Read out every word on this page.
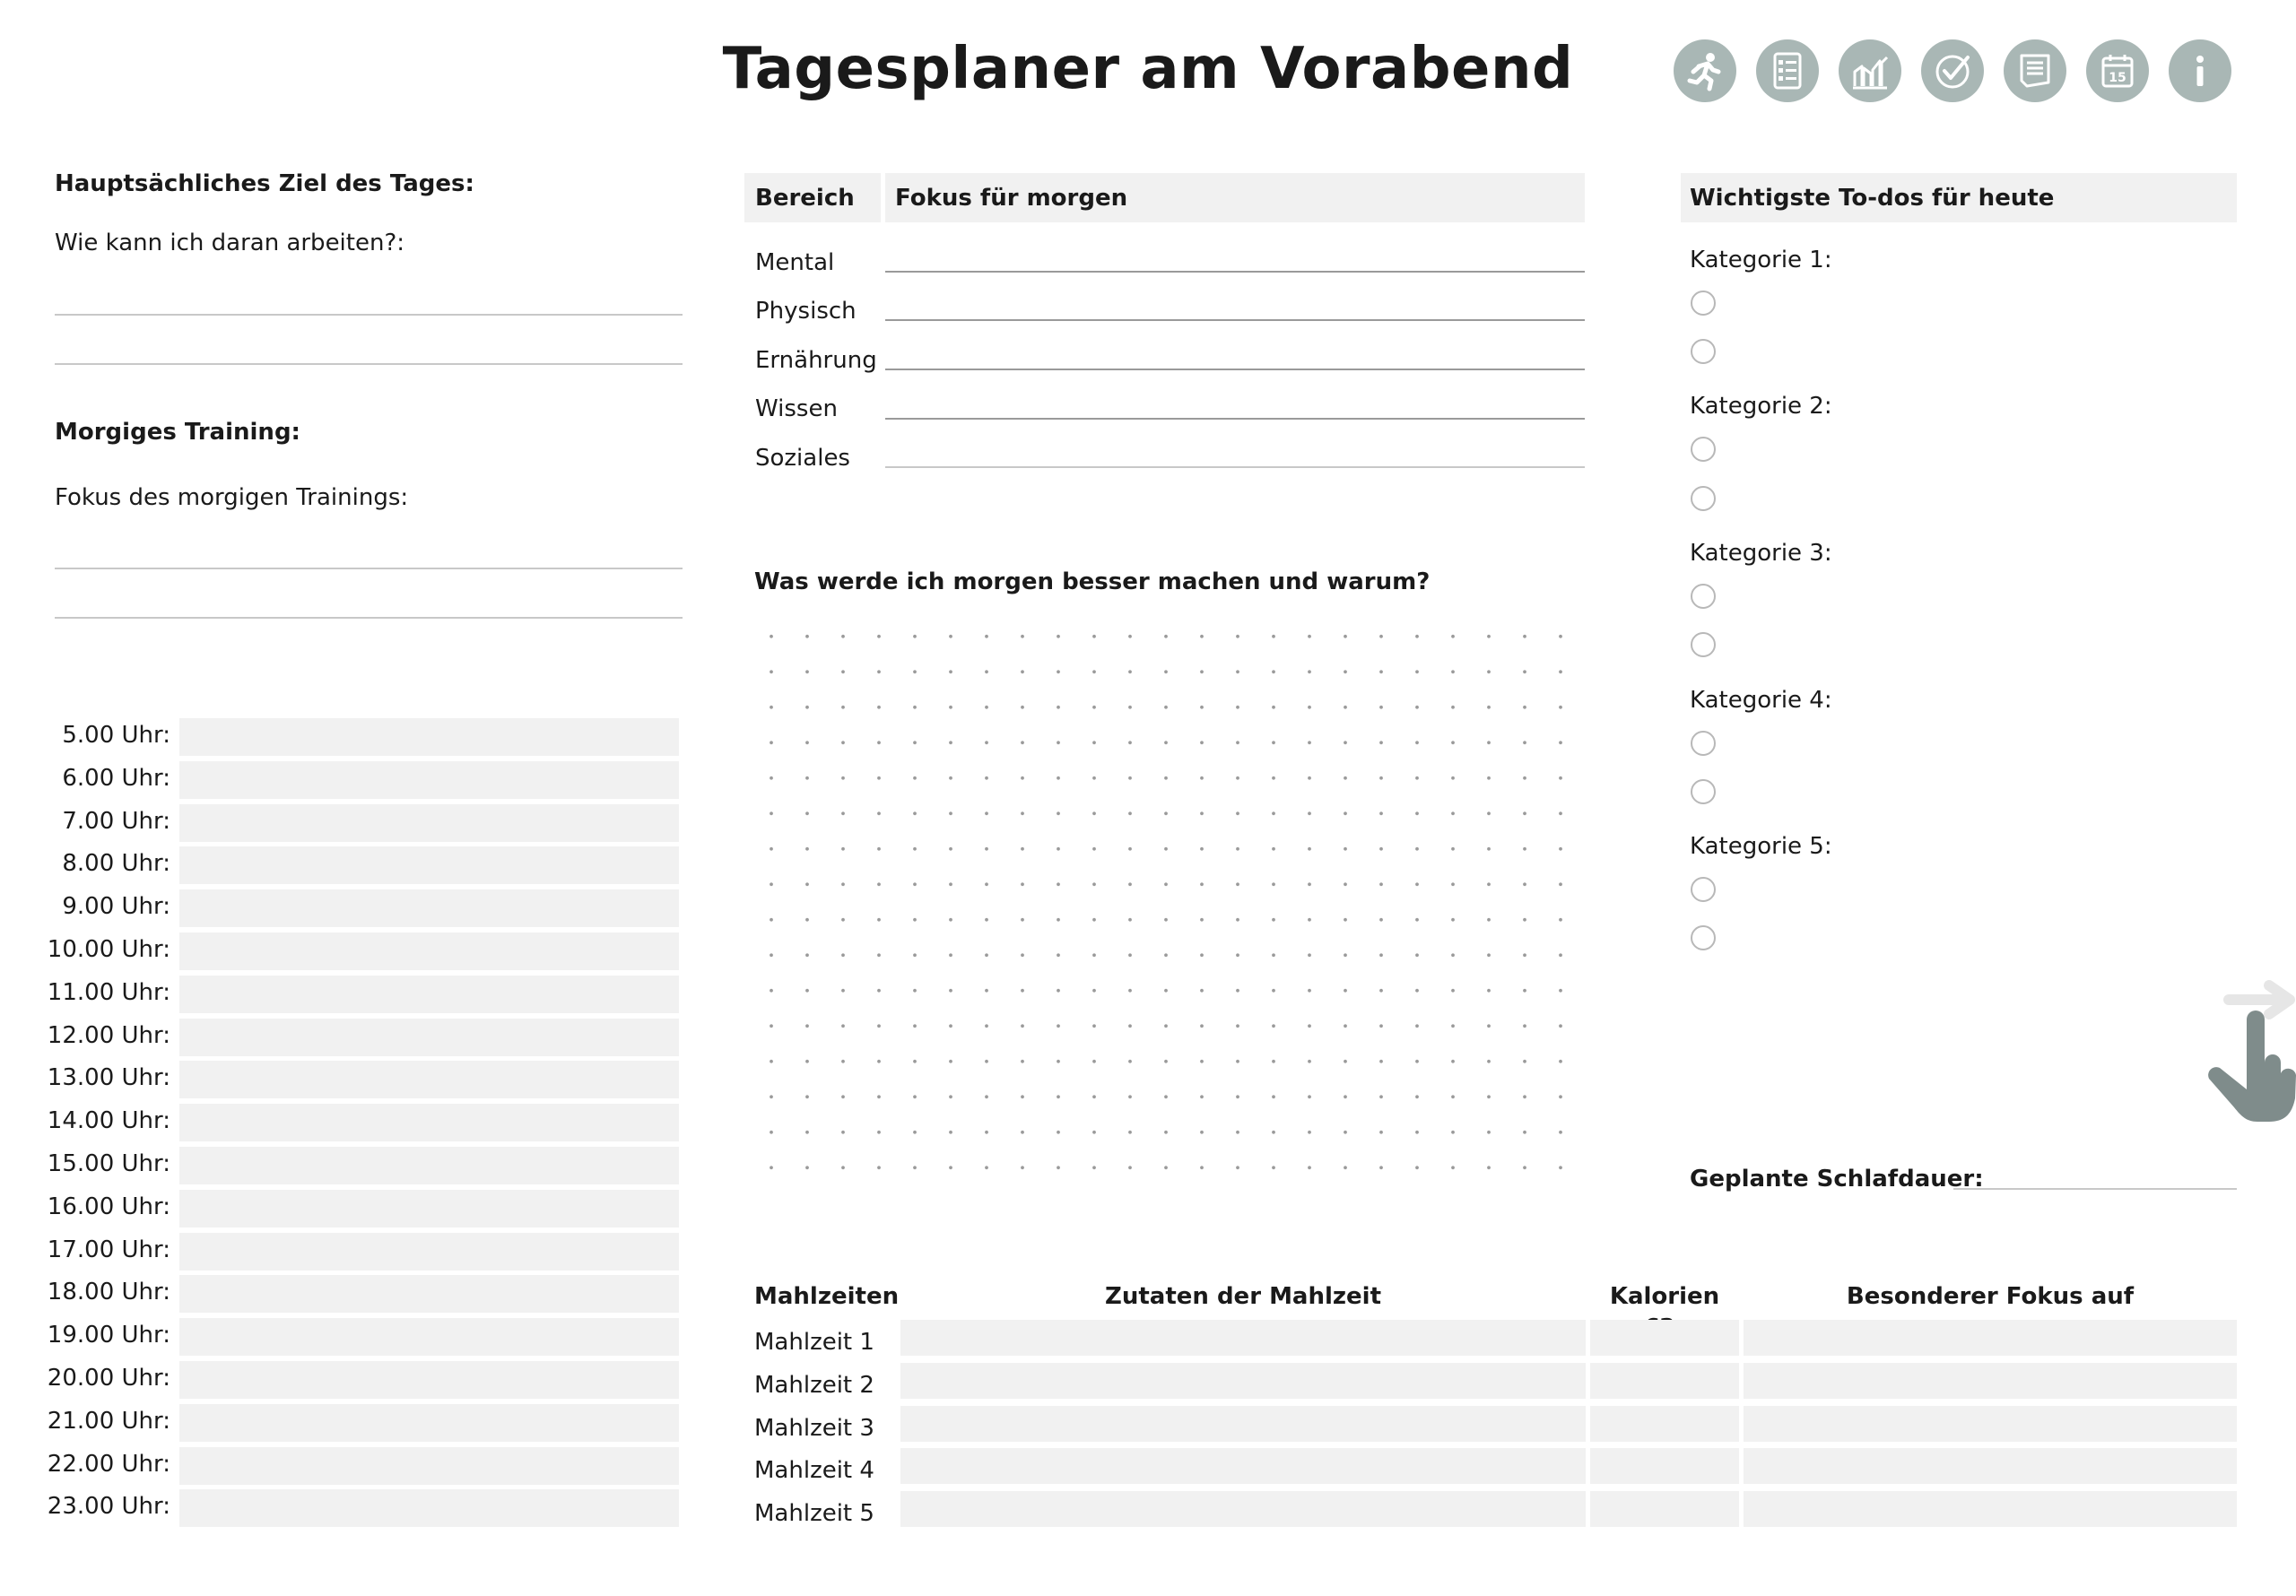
Tagesplaner am Vorabend	15
Hauptsächliches Ziel des Tages:
Wie kann ich daran arbeiten?:
Morgiges Training:
Fokus des morgigen Trainings:
5.00 Uhr:
6.00 Uhr:
7.00 Uhr:
8.00 Uhr:
9.00 Uhr:
10.00 Uhr:
11.00 Uhr:
12.00 Uhr:
13.00 Uhr:
14.00 Uhr:
15.00 Uhr:
16.00 Uhr:
17.00 Uhr:
18.00 Uhr:
19.00 Uhr:
20.00 Uhr:
21.00 Uhr:
22.00 Uhr:
23.00 Uhr:
Bereich Fokus für morgen
Mental
Physisch
Ernährung
Wissen
Soziales
Was werde ich morgen besser machen und warum?
Wichtigste To-dos für heute
Kategorie 1:
Kategorie 2:
Kategorie 3:
Kategorie 4:
Kategorie 5:
Geplante Schlafdauer:
Mahlzeiten	Zutaten der Mahlzeit	Kalorien	Besonderer Fokus auf
Mahlzeit 1
Mahlzeit 2
Mahlzeit 3
Mahlzeit 4
Mahlzeit 5
